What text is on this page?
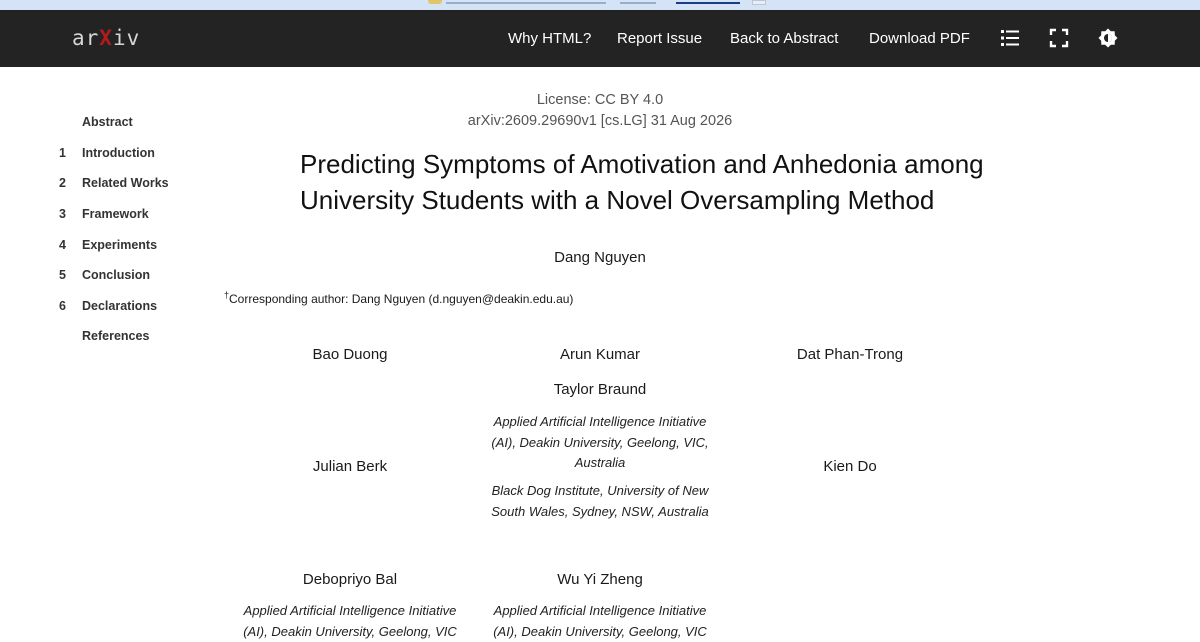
arXiv	Why HTML? Report Issue Back to Abstract Download PDF
Abstract
1	Introduction
2	Related Works
3	Framework
4	Experiments
5	Conclusion
6	Declarations
References
License: CC BY 4.0
arXiv:2609.29690v1 [cs.LG] 31 Aug 2026
Predicting Symptoms of Amotivation and Anhedonia among
University Students with a Novel Oversampling Method
Dang Nguyen
†Corresponding author: Dang Nguyen (d.nguyen@deakin.edu.au)
Bao Duong	Arun Kumar	Dat Phan-Trong
Taylor Braund
Applied Artificial Intelligence Initiative (AI), Deakin University, Geelong, VIC, Australia
Black Dog Institute, University of New South Wales, Sydney, NSW, Australia
Julian Berk	Kien Do
Debopriyo Bal	Wu Yi Zheng
Applied Artificial Intelligence Initiative (AI), Deakin University, Geelong, VIC
Applied Artificial Intelligence Initiative (AI), Deakin University, Geelong, VIC
